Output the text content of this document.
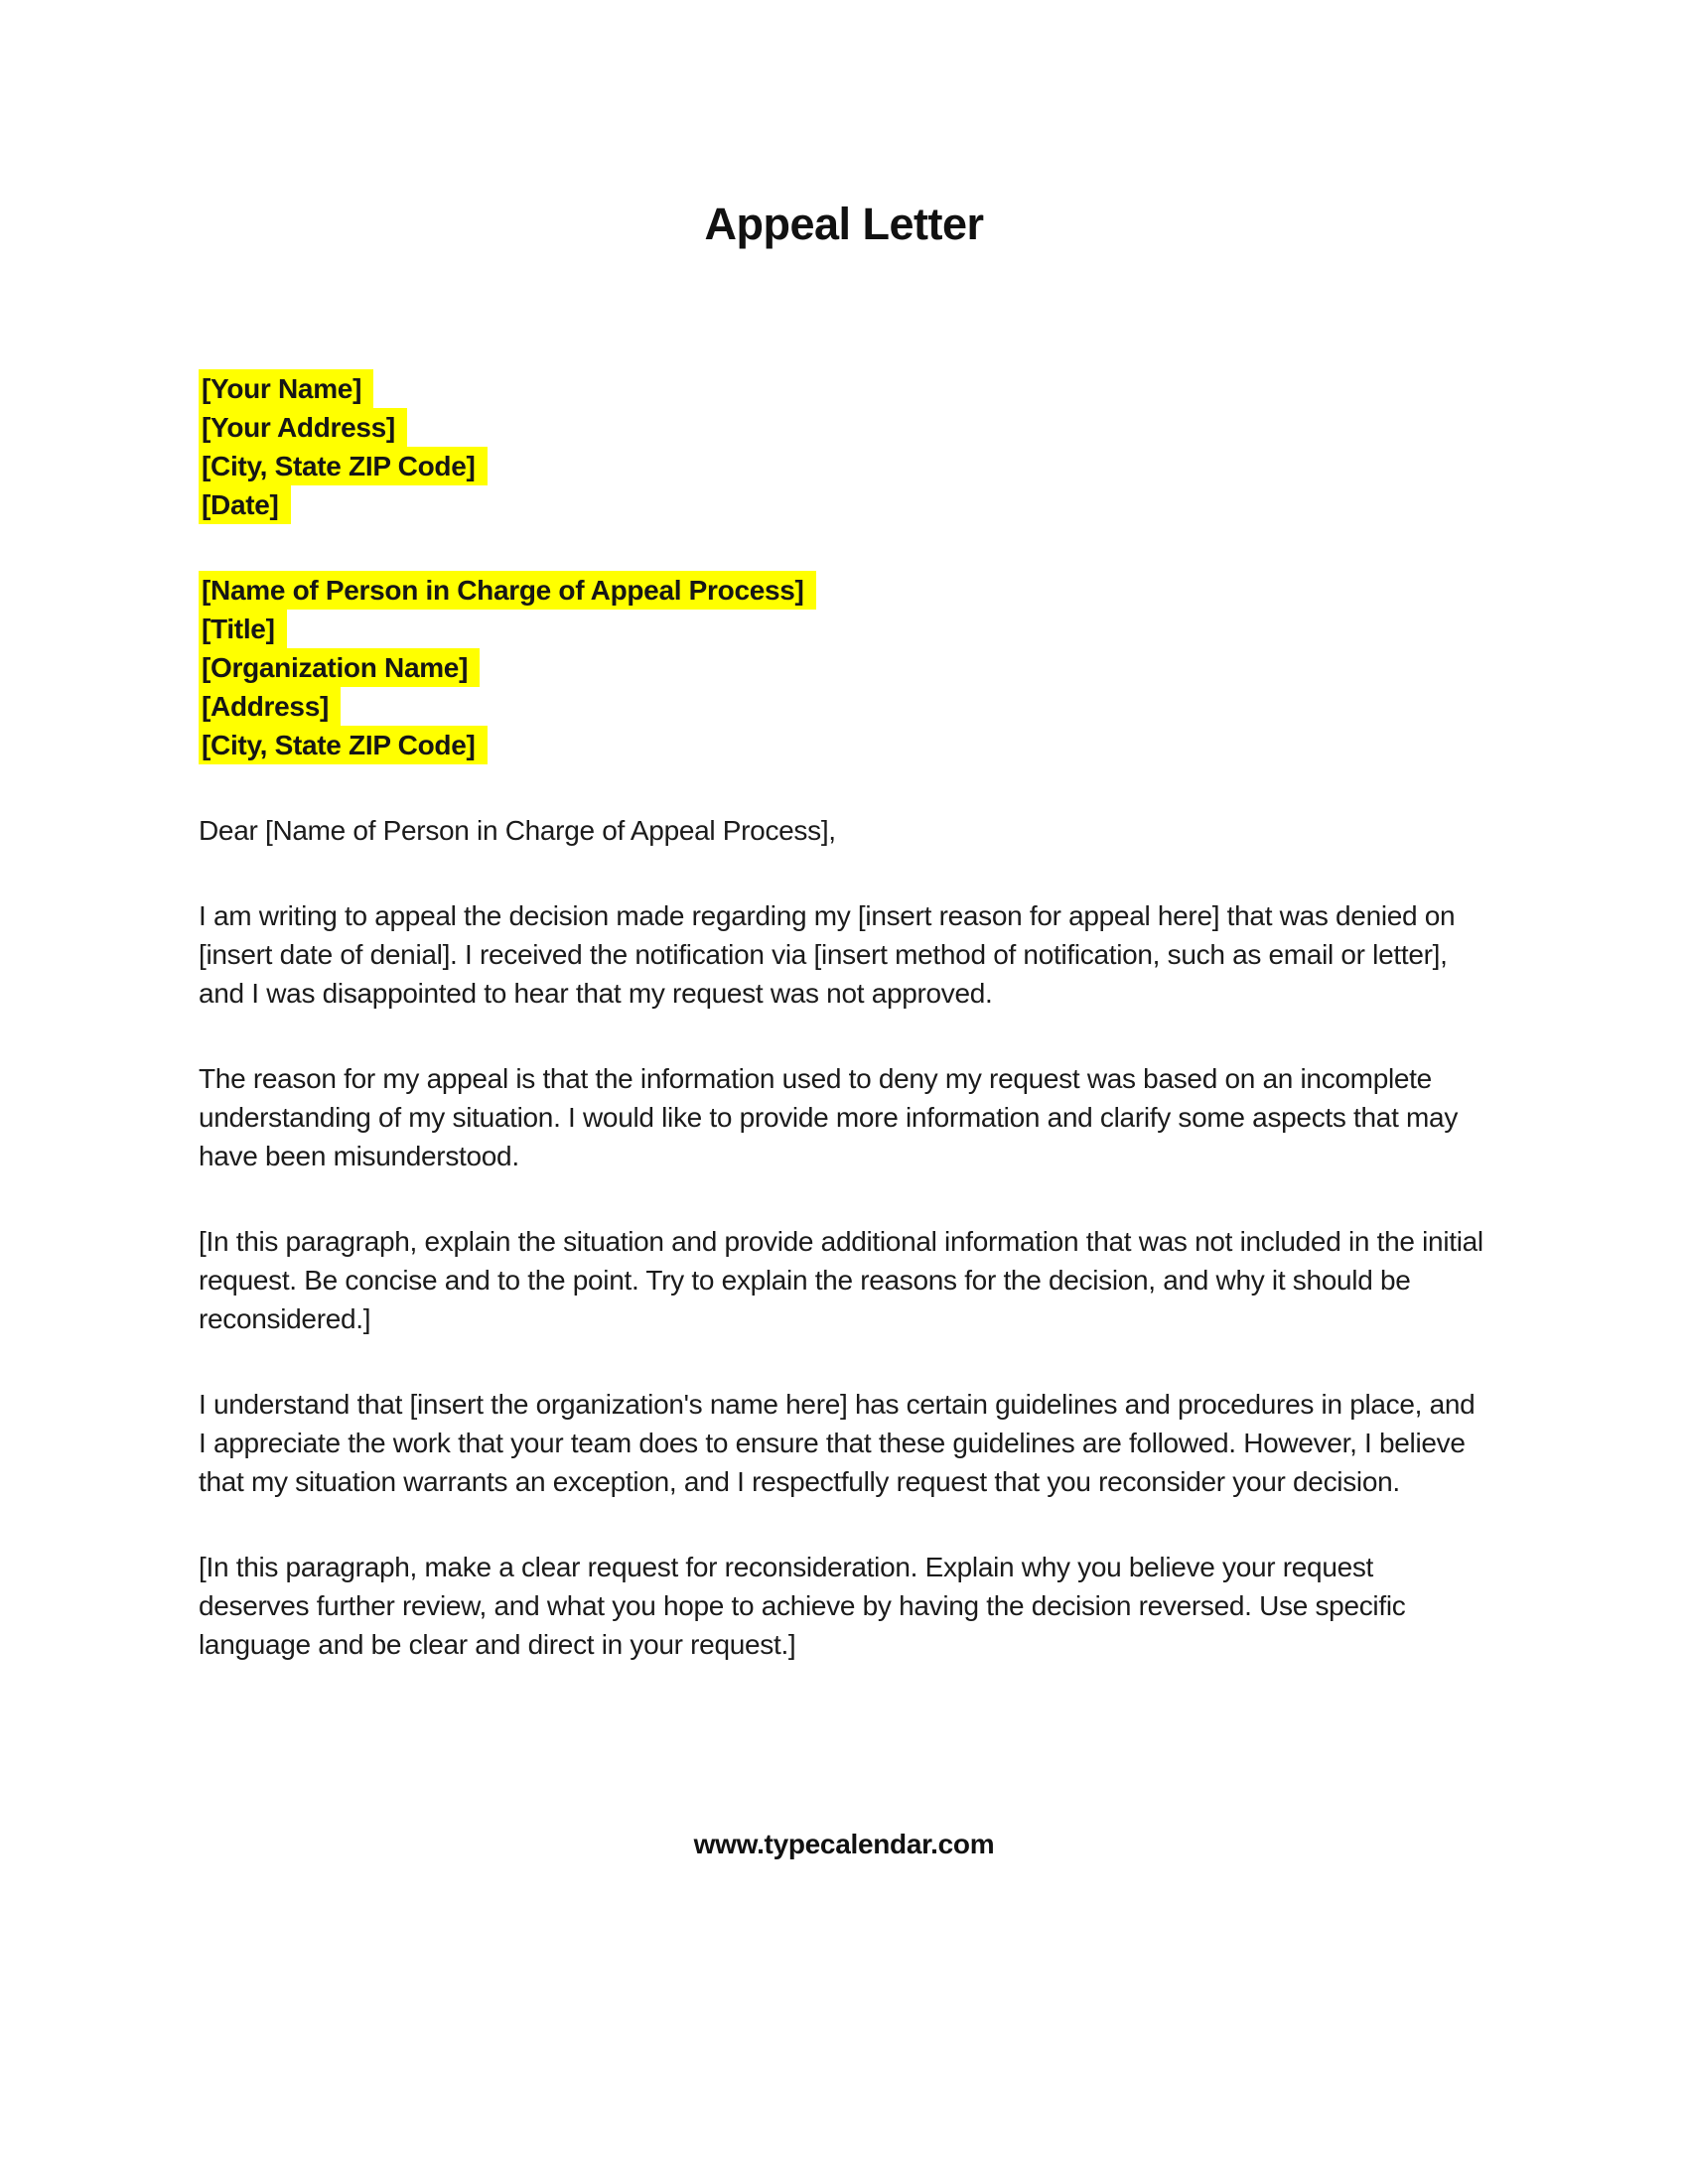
Appeal Letter
[Your Name]
[Your Address]
[City, State ZIP Code]
[Date]
[Name of Person in Charge of Appeal Process]
[Title]
[Organization Name]
[Address]
[City, State ZIP Code]

Dear [Name of Person in Charge of Appeal Process],

I am writing to appeal the decision made regarding my [insert reason for appeal here] that was denied on [insert date of denial]. I received the notification via [insert method of notification, such as email or letter], and I was disappointed to hear that my request was not approved.

The reason for my appeal is that the information used to deny my request was based on an incomplete understanding of my situation. I would like to provide more information and clarify some aspects that may have been misunderstood.

[In this paragraph, explain the situation and provide additional information that was not included in the initial request. Be concise and to the point. Try to explain the reasons for the decision, and why it should be reconsidered.]

I understand that [insert the organization's name here] has certain guidelines and procedures in place, and I appreciate the work that your team does to ensure that these guidelines are followed. However, I believe that my situation warrants an exception, and I respectfully request that you reconsider your decision.

[In this paragraph, make a clear request for reconsideration. Explain why you believe your request deserves further review, and what you hope to achieve by having the decision reversed. Use specific language and be clear and direct in your request.]

www.typecalendar.com
